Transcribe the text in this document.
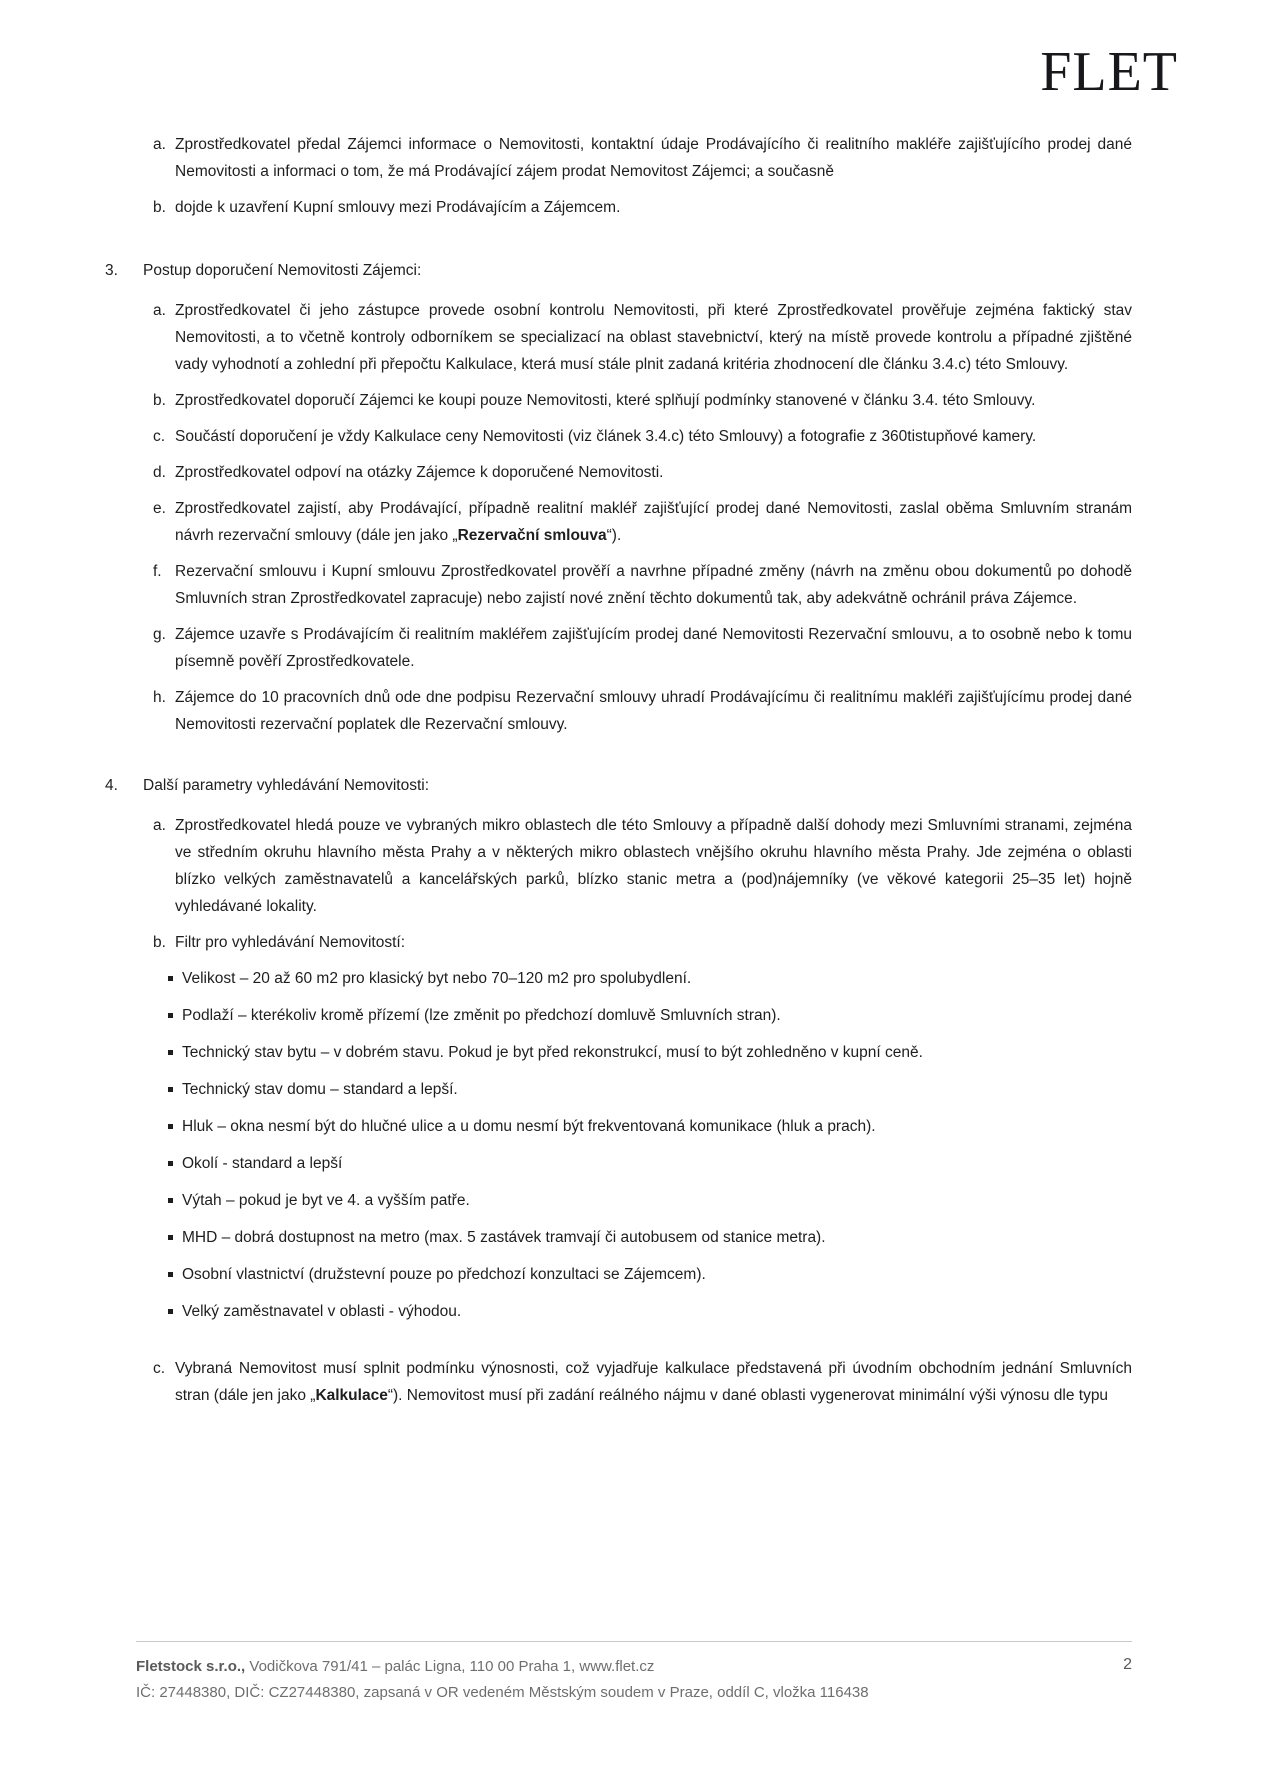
FLET
a. Zprostředkovatel předal Zájemci informace o Nemovitosti, kontaktní údaje Prodávajícího či realitního makléře zajišťujícího prodej dané Nemovitosti a informaci o tom, že má Prodávající zájem prodat Nemovitost Zájemci; a současně
b. dojde k uzavření Kupní smlouvy mezi Prodávajícím a Zájemcem.
3.	Postup doporučení Nemovitosti Zájemci:
a. Zprostředkovatel či jeho zástupce provede osobní kontrolu Nemovitosti, při které Zprostředkovatel prověřuje zejména faktický stav Nemovitosti, a to včetně kontroly odborníkem se specializací na oblast stavebnictví, který na místě provede kontrolu a případné zjištěné vady vyhodnotí a zohlední při přepočtu Kalkulace, která musí stále plnit zadaná kritéria zhodnocení dle článku 3.4.c) této Smlouvy.
b. Zprostředkovatel doporučí Zájemci ke koupi pouze Nemovitosti, které splňují podmínky stanovené v článku 3.4. této Smlouvy.
c. Součástí doporučení je vždy Kalkulace ceny Nemovitosti (viz článek 3.4.c) této Smlouvy) a fotografie z 360tistupňové kamery.
d. Zprostředkovatel odpoví na otázky Zájemce k doporučené Nemovitosti.
e. Zprostředkovatel zajistí, aby Prodávající, případně realitní makléř zajišťující prodej dané Nemovitosti, zaslal oběma Smluvním stranám návrh rezervační smlouvy (dále jen jako „Rezervační smlouva“).
f. Rezervační smlouvu i Kupní smlouvu Zprostředkovatel prověří a navrhne případné změny (návrh na změnu obou dokumentů po dohodě Smluvních stran Zprostředkovatel zapracuje) nebo zajistí nové znění těchto dokumentů tak, aby adekvátně ochránil práva Zájemce.
g. Zájemce uzavře s Prodávajícím či realitním makléřem zajišťujícím prodej dané Nemovitosti Rezervační smlouvu, a to osobně nebo k tomu písemně pověří Zprostředkovatele.
h. Zájemce do 10 pracovních dnů ode dne podpisu Rezervační smlouvy uhradí Prodávajícímu či realitnímu makléři zajišťujícímu prodej dané Nemovitosti rezervační poplatek dle Rezervační smlouvy.
4.	Další parametry vyhledávání Nemovitosti:
a. Zprostředkovatel hledá pouze ve vybraných mikro oblastech dle této Smlouvy a případně další dohody mezi Smluvními stranami, zejména ve středním okruhu hlavního města Prahy a v některých mikro oblastech vnějšího okruhu hlavního města Prahy. Jde zejména o oblasti blízko velkých zaměstnavatelů a kancelářských parků, blízko stanic metra a (pod)nájemníky (ve věkové kategorii 25–35 let) hojně vyhledávané lokality.
b. Filtr pro vyhledávání Nemovitostí:
Velikost – 20 až 60 m2 pro klasický byt nebo 70–120 m2 pro spolubydlení.
Podlaží – kterékoliv kromě přízemí (lze změnit po předchozí domluvě Smluvních stran).
Technický stav bytu – v dobrém stavu. Pokud je byt před rekonstrukcí, musí to být zohledněno v kupní ceně.
Technický stav domu – standard a lepší.
Hluk – okna nesmí být do hlučné ulice a u domu nesmí být frekventovaná komunikace (hluk a prach).
Okolí - standard a lepší
Výtah – pokud je byt ve 4. a vyšším patře.
MHD – dobrá dostupnost na metro (max. 5 zastávek tramvají či autobusem od stanice metra).
Osobní vlastnictví (družstevní pouze po předchozí konzultaci se Zájemcem).
Velký zaměstnavatel v oblasti - výhodou.
c. Vybraná Nemovitost musí splnit podmínku výnosnosti, což vyjadřuje kalkulace představená při úvodním obchodním jednání Smluvních stran (dále jen jako „Kalkulace“). Nemovitost musí při zadání reálného nájmu v dané oblasti vygenerovat minimální výši výnosu dle typu
Fletstock s.r.o., Vodičkova 791/41 – palác Ligna, 110 00 Praha 1, www.flet.cz
IČ: 27448380, DIČ: CZ27448380, zapsaná v OR vedeném Městským soudem v Praze, oddíl C, vložka 116438
2
